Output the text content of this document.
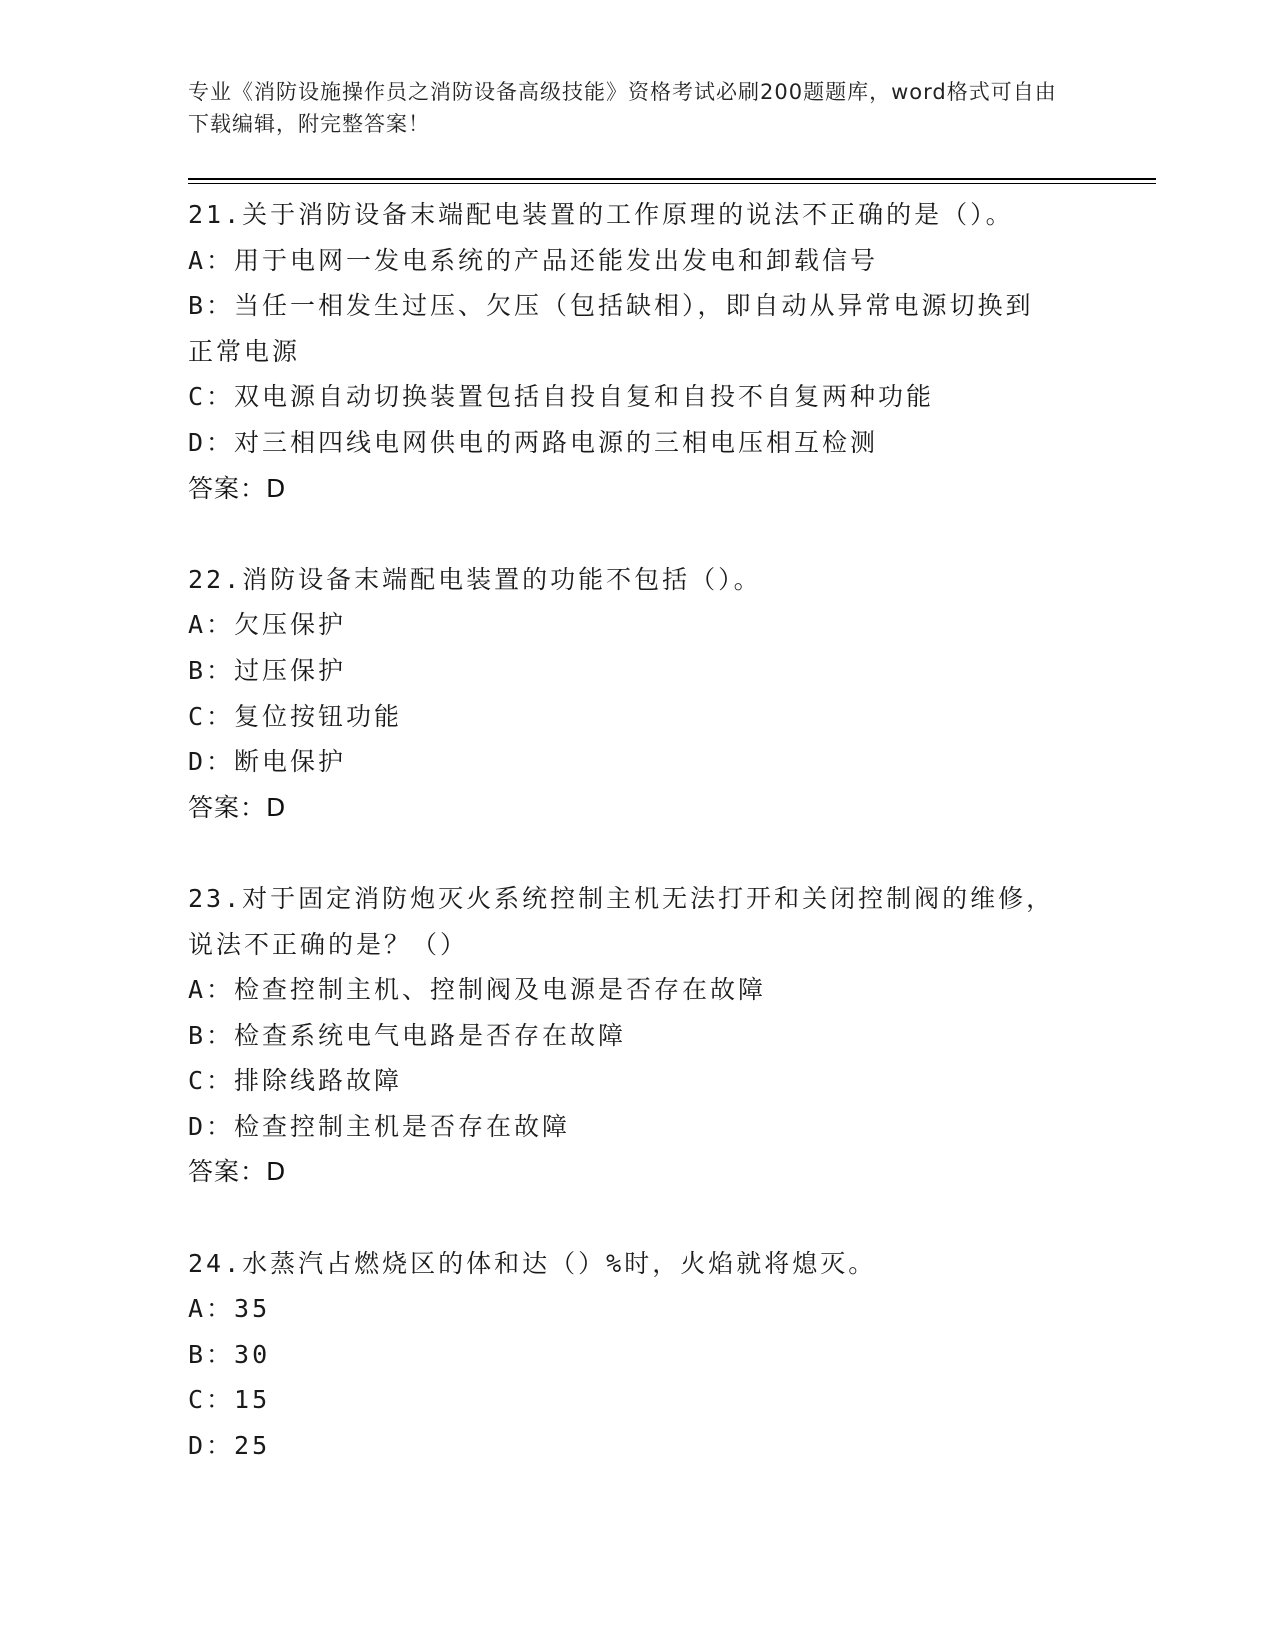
专业《消防设施操作员之消防设备高级技能》资格考试必刷200题题库，word格式可自由下载编辑，附完整答案！
21.关于消防设备末端配电装置的工作原理的说法不正确的是（）。
A：用于电网一发电系统的产品还能发出发电和卸载信号
B：当任一相发生过压、欠压（包括缺相），即自动从异常电源切换到
正常电源
C：双电源自动切换装置包括自投自复和自投不自复两种功能
D：对三相四线电网供电的两路电源的三相电压相互检测
答案：D
22.消防设备末端配电装置的功能不包括（）。
A：欠压保护
B：过压保护
C：复位按钮功能
D：断电保护
答案：D
23.对于固定消防炮灭火系统控制主机无法打开和关闭控制阀的维修，
说法不正确的是？（）
A：检查控制主机、控制阀及电源是否存在故障
B：检查系统电气电路是否存在故障
C：排除线路故障
D：检查控制主机是否存在故障
答案：D
24.水蒸汽占燃烧区的体和达（）%时，火焰就将熄灭。
A：35
B：30
C：15
D：25
